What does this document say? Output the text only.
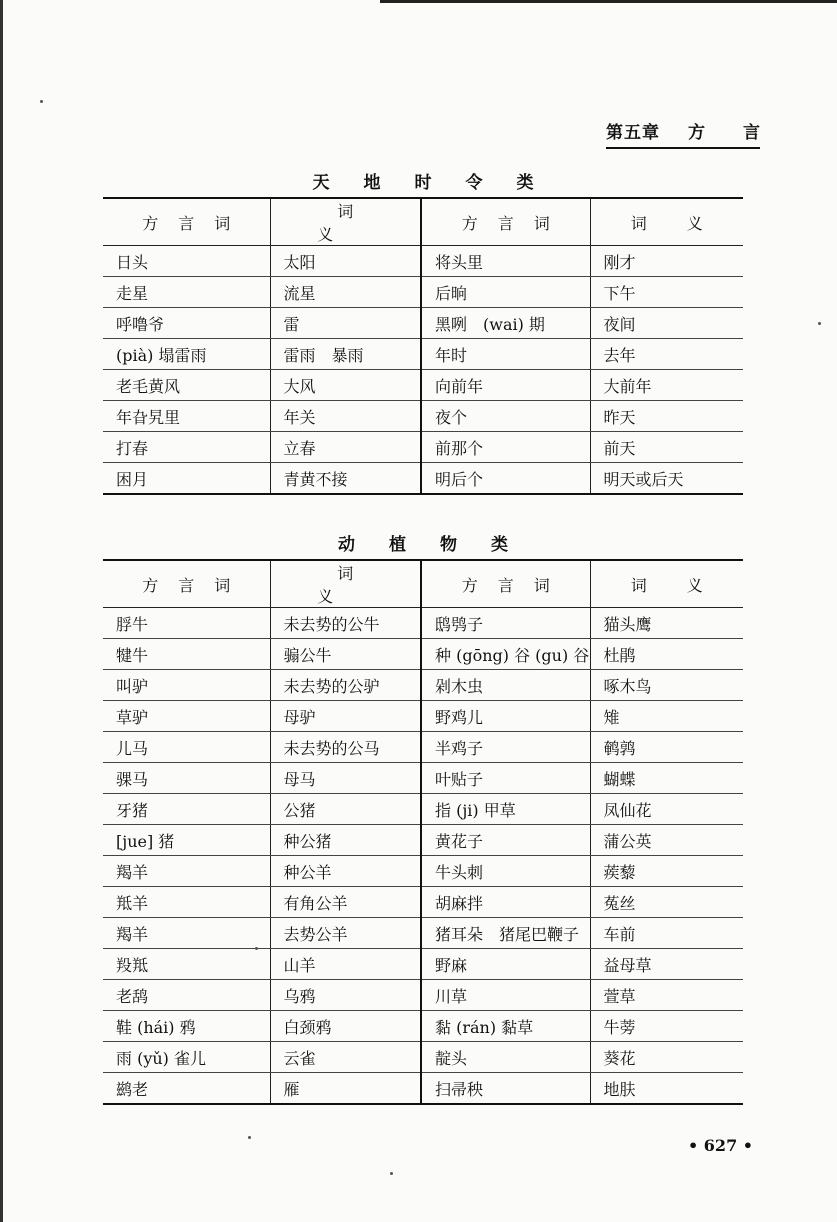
第五章 方言
天地时令类
方言词	词义	方言词	词义
日头	太阳	将头里	刚才
走星	流星	后晌	下午
呼噜爷	雷	黑咧　(wai) 期	夜间
(pià) 塌雷雨	雷雨　暴雨	年时	去年
老毛黄风	大风	向前年	大前年
年旮旯里	年关	夜个	昨天
打春	立春	前那个	前天
困月	青黄不接	明后个	明天或后天
动植物类
方言词	词义	方言词	词义
脬牛	未去势的公牛	鸱鸮子	猫头鹰
犍牛	骟公牛	种 (gōng) 谷 (gu) 谷	杜鹃
叫驴	未去势的公驴	剁木虫	啄木鸟
草驴	母驴	野鸡儿	雉
儿马	未去势的公马	半鸡子	鹌鹑
骒马	母马	叶贴子	蝴蝶
牙猪	公猪	指 (ji) 甲草	凤仙花
[jue] 猪	种公猪	黄花子	蒲公英
羯羊	种公羊	牛头刺	蒺藜
羝羊	有角公羊	胡麻拌	菟丝
羯羊	去势公羊	猪耳朵　猪尾巴鞭子	车前
羖羝	山羊	野麻	益母草
老鸹	乌鸦	川草	萱草
鞋 (hái) 鸦	白颈鸦	黏 (rán) 黏草	牛蒡
雨 (yǔ) 雀儿	云雀	靛头	葵花
鹚老	雁	扫帚秧	地肤
• 627 •
